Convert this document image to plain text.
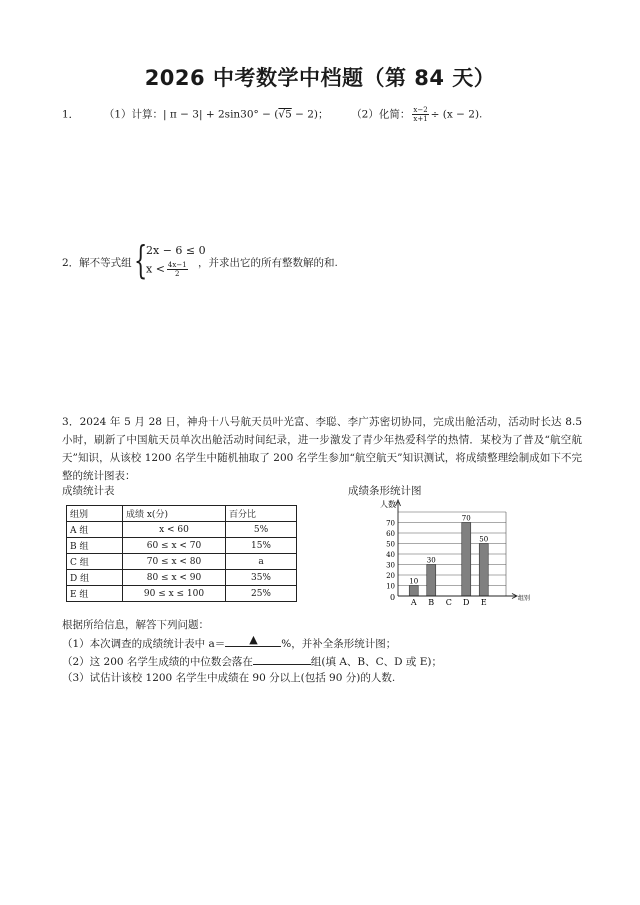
2026 中考数学中档题（第 84 天）
1． （1）计算：| π − 3| + 2sin30° − (√5 − 2)； （2）化简： $\frac{x-2}{x+1} \div (x - 2)$.
2．解不等式组 {
2x − 6 ≤ 0
$x < \frac{4x-1}{2}$ ，并求出它的所有整数解的和.
3．2024 年 5 月 28 日，神舟十八号航天员叶光富、李聪、李广苏密切协同，完成出舱活动，活动时长达 8.5 小时，刷新了中国航天员单次出舱活动时间纪录，进一步激发了青少年热爱科学的热情．某校为了普及“航空航天”知识，从该校 1200 名学生中随机抽取了 200 名学生参加“航空航天”知识测试，将成绩整理绘制成如下不完整的统计图表：
成绩统计表	成绩条形统计图
组别	成绩 x(分)	百分比
A 组	x < 60	5%
B 组	60 ≤ x < 70	15%
C 组	70 ≤ x < 80	a
D 组	80 ≤ x < 90	35%
E 组	90 ≤ x ≤ 100	25%
人数
组别
0
10
20
30
40
50
60
70
A B C D E
10
30
70
50
根据所给信息，解答下列问题：
（1）本次调查的成绩统计表中 a＝ ▲ %，并补全条形统计图；
（2）这 200 名学生成绩的中位数会落在	组(填 A、B、C、D 或 E)；
（3）试估计该校 1200 名学生中成绩在 90 分以上(包括 90 分)的人数.
